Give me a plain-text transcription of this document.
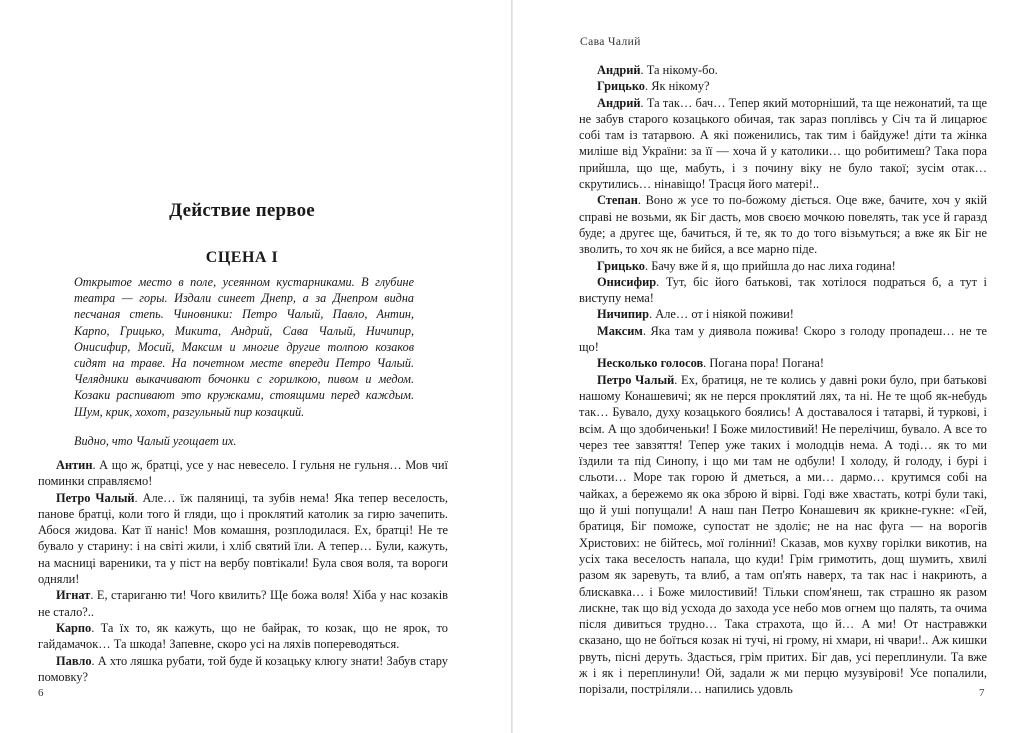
Действие первое
СЦЕНА І
Открытое место в поле, усеянном кустарниками. В глубине театра — горы. Издали синеет Днепр, а за Днепром видна песчаная степь. Чиновники: Петро Чалый, Павло, Антин, Карпо, Грицько, Микита, Андрий, Сава Чалый, Ничипир, Онисифир, Мосий, Максим и многие другие толпою козаков сидят на траве. На почетном месте впереди Петро Чалый. Челядники выкачивают бочонки с горилкою, пивом и медом. Козаки распивают это кружками, стоящими перед каждым. Шум, крик, хохот, разгульный пир козацкий.
Видно, что Чалый угощает их.

Антин. А що ж, братці, усе у нас невесело. І гульня не гульня… Мов чиї поминки справляємо!

Петро Чалый. Але… їж паляниці, та зубів нема! Яка тепер веселость, панове братці, коли того й гляди, що і проклятий католик за гирю зачепить. Абося жидова. Кат її наніс! Мов комашня, розплодилася. Ех, братці! Не те бувало у старину: і на світі жили, і хліб святий їли. А тепер… Були, кажуть, на масниці вареники, та у піст на вербу повтікали! Була своя воля, та вороги одняли!

Игнат. Е, стариганю ти! Чого квилить? Ще божа воля! Хіба у нас козаків не стало?..

Карпо. Та їх то, як кажуть, що не байрак, то козак, що не ярок, то гайдамачок… Та шкода! Запевне, скоро усі на ляхів попереводяться.

Павло. А хто ляшка рубати, той буде й козацьку клюгу знати! Забув стару помовку?

6
Сава Чалий

Андрий. Та нікому-бо.

Грицько. Як нікому?

Андрий. Та так… бач… Тепер який моторніший, та ще нежонатий, та ще не забув старого козацького обичая, так зараз поплівсь у Січ та й лицарює собі там із татарвою. А які поженились, так тим і байдуже! діти та жінка миліше від України: за її — хоча й у католики… що робитимеш? Така пора прийшла, що ще, мабуть, і з почину віку не було такої; зусім отак… скрутились… нінавіщо! Трасця його матері!..

Степан. Воно ж усе то по-божому діється. Оце вже, бачите, хоч у якій справі не возьми, як Біг дасть, мов своєю мочкою повелять, так усе й гаразд буде; а другеє ще, бачиться, й те, як то до того візьмуться; а вже як Біг не зволить, то хоч як не бийся, а все марно піде.

Грицько. Бачу вже й я, що прийшла до нас лиха година!

Онисифир. Тут, біс його батькові, так хотілося подраться б, а тут і виступу нема!

Ничипир. Але… от і ніякой поживи!

Максим. Яка там у диявола пожива! Скоро з голоду пропадеш… не те що!

Несколько голосов. Погана пора! Погана!

Петро Чалый. Ех, братиця, не те колись у давні роки було, при батькові нашому Конашевичі; як не перся проклятий лях, та ні. Не те щоб як-небудь так… Бувало, духу козацького боялись! А доставалося і татарві, й туркові, і всім. А що здобиченьки! І Боже милостивий! Не перелічиш, бувало. А все то через тее завзяття! Тепер уже таких і молодців нема. А тоді… як то ми їздили та пiд Синопу, і що ми там не одбули! І холоду, й голоду, і бурі і сльоти… Море так горою й дметься, а ми… дармо… крутимся собі на чайках, а бережемо як ока зброю й вірві. Годі вже хвастать, котрі були такі, що й уші попущали! А наш пан Петро Конашевич як крикне-гукне: «Гей, братиця, Біг поможе, супостат не здолiє; не на нас фуга — на ворогів Христових: не бійтесь, мої голінниї! Сказав, мов кухву горілки викотив, на усіх така веселость напала, що куди! Грім гримотить, дощ шумить, хвилі разом як заревуть, та влиб, а там оп'ять наверх, та так нас і накриють, а блискавка… і Боже милостивий! Тільки спом'янеш, так страшно як разом лискне, так що від усхода до захода усе небо мов огнем що палять, та очима після дивиться трудно… Така страхота, що й… А ми! От настравжки сказано, що не боїться козак ні тучі, ні грому, ні хмари, ні чвари!.. Аж кишки рвуть, пісні деруть. Здасться, грім притих. Біг дав, усі переплинули. Та вже ж і як і переплинули! Ой, задали ж ми перцю музувірові! Усе попалили, порізали, пострiляли… напились удовль	7
